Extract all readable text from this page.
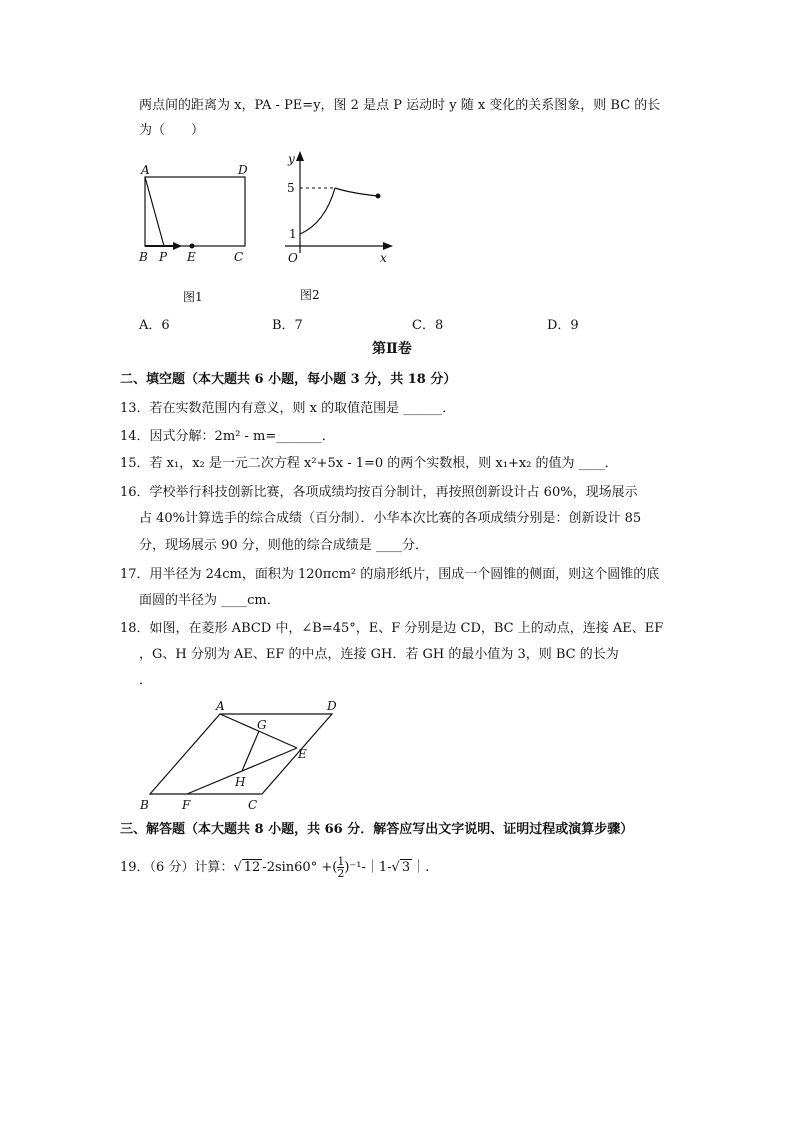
两点间的距离为 x，PA - PE=y，图 2 是点 P 运动时 y 随 x 变化的关系图象，则 BC 的长
为（　　）
A	D
B P E	C
图1
y
5
1
O	x
图2
A．6	B．7	C．8	D．9
第Ⅱ卷
二、填空题（本大题共 6 小题，每小题 3 分，共 18 分）
13．若在实数范围内有意义，则 x 的取值范围是 ______．
14．因式分解：2m² - m=_______．
15．若 x₁，x₂ 是一元二次方程 x²+5x - 1=0 的两个实数根，则 x₁+x₂ 的值为 ____．
16．学校举行科技创新比赛，各项成绩均按百分制计，再按照创新设计占 60%，现场展示
占 40%计算选手的综合成绩（百分制）．小华本次比赛的各项成绩分别是：创新设计 85
分，现场展示 90 分，则他的综合成绩是 ____分．
17．用半径为 24cm，面积为 120πcm² 的扇形纸片，围成一个圆锥的侧面，则这个圆锥的底
面圆的半径为 ____cm．
18．如图，在菱形 ABCD 中，∠B=45°，E、F 分别是边 CD，BC 上的动点，连接 AE、EF
，G、H 分别为 AE、EF 的中点，连接 GH．若 GH 的最小值为 3，则 BC 的长为
．
A	D
G
E
H
B	F	C
三、解答题（本大题共 8 小题，共 66 分．解答应写出文字说明、证明过程或演算步骤）
19．（6 分）计算：√ 12 -2sin60° +( $\frac{1}{2}$ )⁻¹-｜1-√ 3 ｜.
